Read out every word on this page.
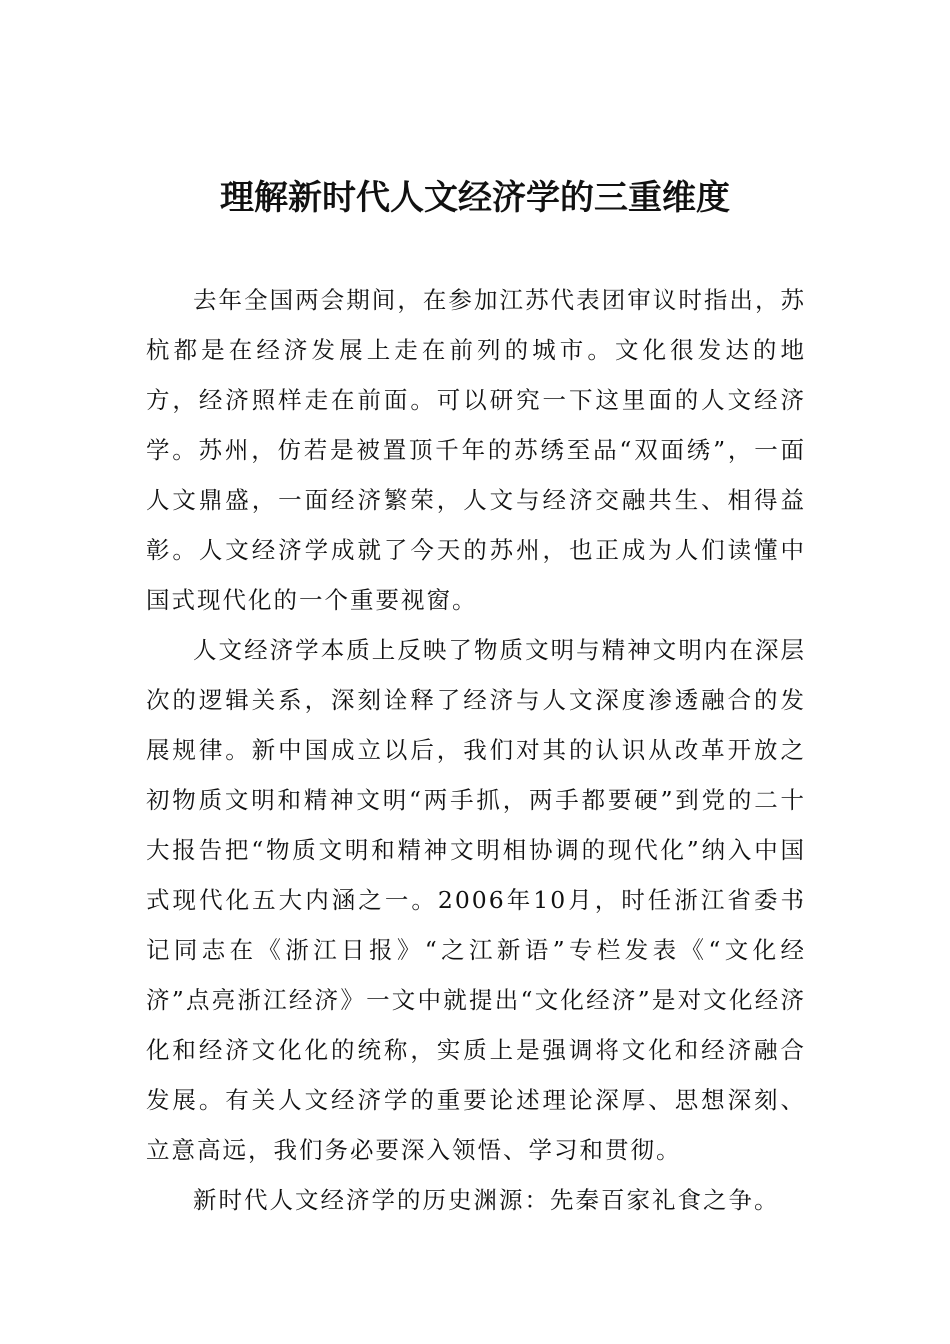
理解新时代人文经济学的三重维度

去年全国两会期间，在参加江苏代表团审议时指出，苏杭都是在经济发展上走在前列的城市。文化很发达的地方，经济照样走在前面。可以研究一下这里面的人文经济学。苏州，仿若是被置顶千年的苏绣至品“双面绣”，一面人文鼎盛，一面经济繁荣，人文与经济交融共生、相得益彰。人文经济学成就了今天的苏州，也正成为人们读懂中国式现代化的一个重要视窗。

人文经济学本质上反映了物质文明与精神文明内在深层次的逻辑关系，深刻诠释了经济与人文深度渗透融合的发展规律。新中国成立以后，我们对其的认识从改革开放之初物质文明和精神文明“两手抓，两手都要硬”到党的二十大报告把“物质文明和精神文明相协调的现代化”纳入中国式现代化五大内涵之一。2006年10月，时任浙江省委书记同志在《浙江日报》“之江新语”专栏发表《“文化经济”点亮浙江经济》一文中就提出“文化经济”是对文化经济化和经济文化化的统称，实质上是强调将文化和经济融合发展。有关人文经济学的重要论述理论深厚、思想深刻、立意高远，我们务必要深入领悟、学习和贯彻。

新时代人文经济学的历史渊源：先秦百家礼食之争。
